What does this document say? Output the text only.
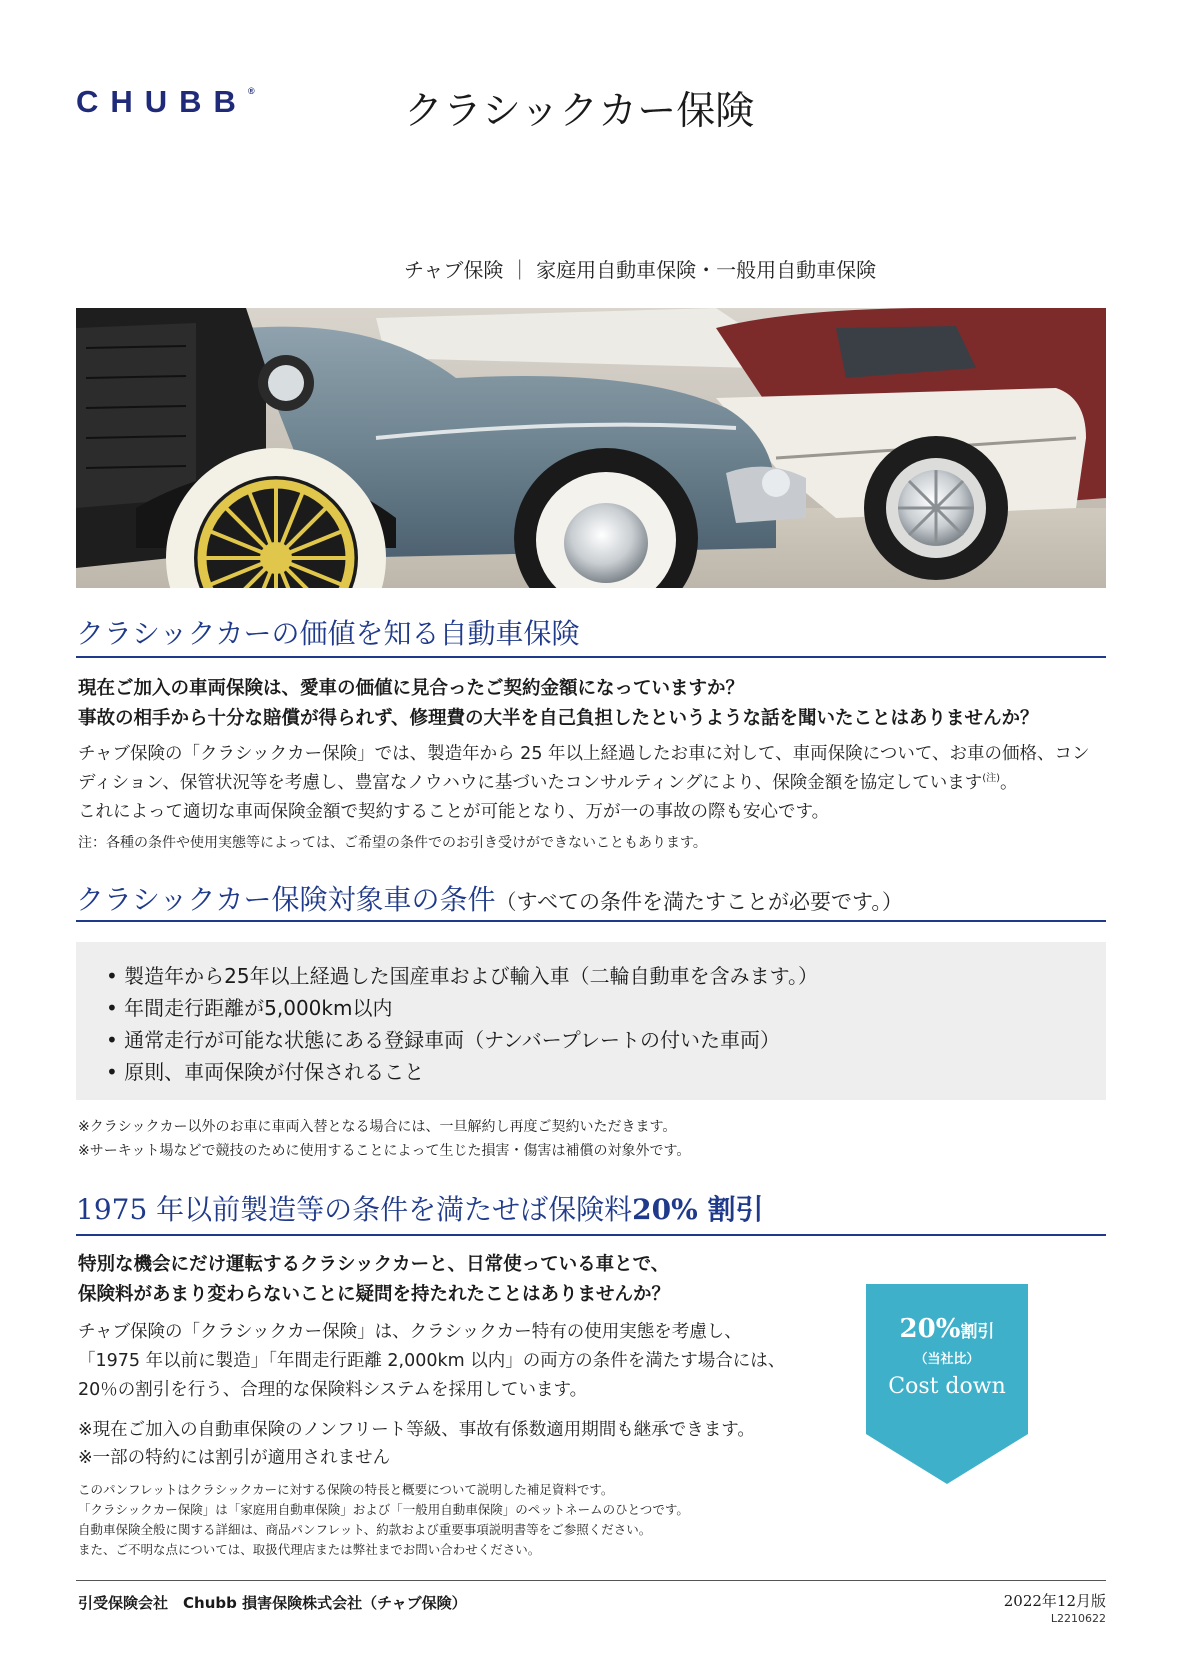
CHUBB®	クラシックカー保険
チャブ保険 ｜ 家庭用自動車保険・一般用自動車保険
クラシックカーの価値を知る自動車保険
現在ご加入の車両保険は、愛車の価値に見合ったご契約金額になっていますか？
事故の相手から十分な賠償が得られず、修理費の大半を自己負担したというような話を聞いたことはありませんか？
チャブ保険の「クラシックカー保険」では、製造年から 25 年以上経過したお車に対して、車両保険について、お車の価格、コン
ディション、保管状況等を考慮し、豊富なノウハウに基づいたコンサルティングにより、保険金額を協定しています$^{(注)}$。
これによって適切な車両保険金額で契約することが可能となり、万が一の事故の際も安心です。
注：各種の条件や使用実態等によっては、ご希望の条件でのお引き受けができないこともあります。
クラシックカー保険対象車の条件（すべての条件を満たすことが必要です。）
• 製造年から25年以上経過した国産車および輸入車（二輪自動車を含みます。）
• 年間走行距離が5,000km以内
• 通常走行が可能な状態にある登録車両（ナンバープレートの付いた車両）
• 原則、車両保険が付保されること
※クラシックカー以外のお車に車両入替となる場合には、一旦解約し再度ご契約いただきます。
※サーキット場などで競技のために使用することによって生じた損害・傷害は補償の対象外です。
1975 年以前製造等の条件を満たせば保険料20% 割引
特別な機会にだけ運転するクラシックカーと、日常使っている車とで、
保険料があまり変わらないことに疑問を持たれたことはありませんか？
チャブ保険の「クラシックカー保険」は、クラシックカー特有の使用実態を考慮し、
「1975 年以前に製造」「年間走行距離 2,000km 以内」の両方の条件を満たす場合には、
20％の割引を行う、合理的な保険料システムを採用しています。
※現在ご加入の自動車保険のノンフリート等級、事故有係数適用期間も継承できます。
※一部の特約には割引が適用されません
20%割引
（当社比）
Cost down
このパンフレットはクラシックカーに対する保険の特長と概要について説明した補足資料です。
「クラシックカー保険」は「家庭用自動車保険」および「一般用自動車保険」のペットネームのひとつです。
自動車保険全般に関する詳細は、商品パンフレット、約款および重要事項説明書等をご参照ください。
また、ご不明な点については、取扱代理店または弊社までお問い合わせください。
引受保険会社　Chubb 損害保険株式会社（チャブ保険）	2022年12月版
L2210622
